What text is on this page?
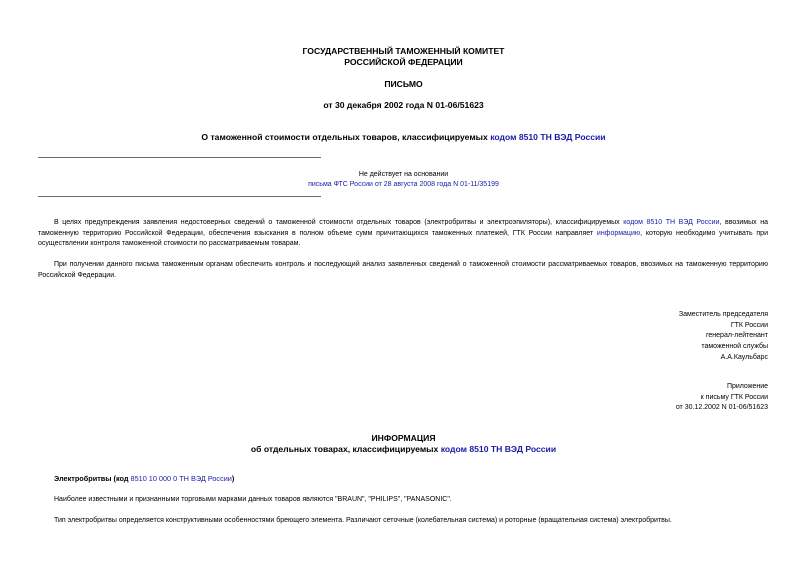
ГОСУДАРСТВЕННЫЙ ТАМОЖЕННЫЙ КОМИТЕТ
РОССИЙСКОЙ ФЕДЕРАЦИИ
ПИСЬМО
от 30 декабря 2002 года N 01-06/51623
О таможенной стоимости отдельных товаров, классифицируемых кодом 8510 ТН ВЭД России
Не действует на основании
письма ФТС России от 28 августа 2008 года N 01-11/35199
В целях предупреждения заявления недостоверных сведений о таможенной стоимости отдельных товаров (электробритвы и электроэпиляторы), классифицируемых кодом 8510 ТН ВЭД России, ввозимых на таможенную территорию Российской Федерации, обеспечения взыскания в полном объеме сумм причитающихся таможенных платежей, ГТК России направляет информацию, которую необходимо учитывать при осуществлении контроля таможенной стоимости по рассматриваемым товарам.
При получении данного письма таможенным органам обеспечить контроль и последующий анализ заявленных сведений о таможенной стоимости рассматриваемых товаров, ввозимых на таможенную территорию Российской Федерации.
Заместитель председателя
ГТК России
генерал-лейтенант
таможенной службы
А.А.Каульбарс
Приложение
к письму ГТК России
от 30.12.2002 N 01-06/51623
ИНФОРМАЦИЯ
об отдельных товарах, классифицируемых кодом 8510 ТН ВЭД России
Электробритвы (код 8510 10 000 0 ТН ВЭД России)
Наиболее известными и признанными торговыми марками данных товаров являются "BRAUN", "PHILIPS", "PANASONIC".
Тип электробритвы определяется конструктивными особенностями бреющего элемента. Различают сеточные (колебательная система) и роторные (вращательная система) электробритвы.
